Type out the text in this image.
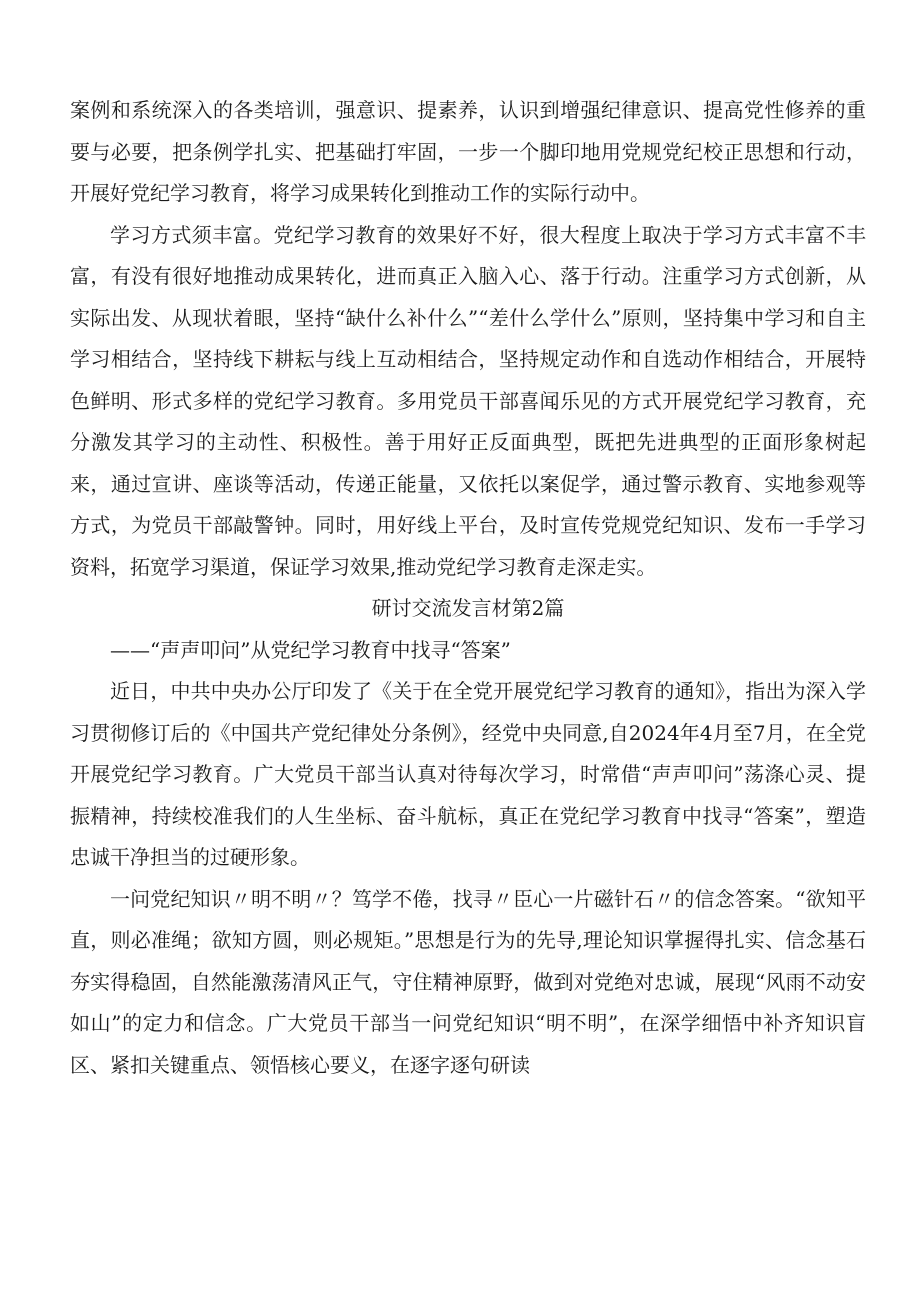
案例和系统深入的各类培训，强意识、提素养，认识到增强纪律意识、提高党性修养的重要与必要，把条例学扎实、把基础打牢固，一步一个脚印地用党规党纪校正思想和行动，开展好党纪学习教育，将学习成果转化到推动工作的实际行动中。

学习方式须丰富。党纪学习教育的效果好不好，很大程度上取决于学习方式丰富不丰富，有没有很好地推动成果转化，进而真正入脑入心、落于行动。注重学习方式创新，从实际出发、从现状着眼，坚持“缺什么补什么”“差什么学什么”原则，坚持集中学习和自主学习相结合，坚持线下耕耘与线上互动相结合，坚持规定动作和自选动作相结合，开展特色鲜明、形式多样的党纪学习教育。多用党员干部喜闻乐见的方式开展党纪学习教育，充分激发其学习的主动性、积极性。善于用好正反面典型，既把先进典型的正面形象树起来，通过宣讲、座谈等活动，传递正能量，又依托以案促学，通过警示教育、实地参观等方式，为党员干部敲警钟。同时，用好线上平台，及时宣传党规党纪知识、发布一手学习资料，拓宽学习渠道，保证学习效果,推动党纪学习教育走深走实。

研讨交流发言材第2篇

——“声声叩问”从党纪学习教育中找寻“答案”

近日，中共中央办公厅印发了《关于在全党开展党纪学习教育的通知》，指出为深入学习贯彻修订后的《中国共产党纪律处分条例》，经党中央同意,自2024年4月至7月，在全党开展党纪学习教育。广大党员干部当认真对待每次学习，时常借“声声叩问”荡涤心灵、提振精神，持续校准我们的人生坐标、奋斗航标，真正在党纪学习教育中找寻“答案”，塑造忠诚干净担当的过硬形象。

一问党纪知识〃明不明〃？笃学不倦，找寻〃臣心一片磁针石〃的信念答案。“欲知平直，则必准绳；欲知方圆，则必规矩。”思想是行为的先导,理论知识掌握得扎实、信念基石夯实得稳固，自然能激荡清风正气，守住精神原野，做到对党绝对忠诚，展现“风雨不动安如山”的定力和信念。广大党员干部当一问党纪知识“明不明”，在深学细悟中补齐知识盲区、紧扣关键重点、领悟核心要义，在逐字逐句研读
